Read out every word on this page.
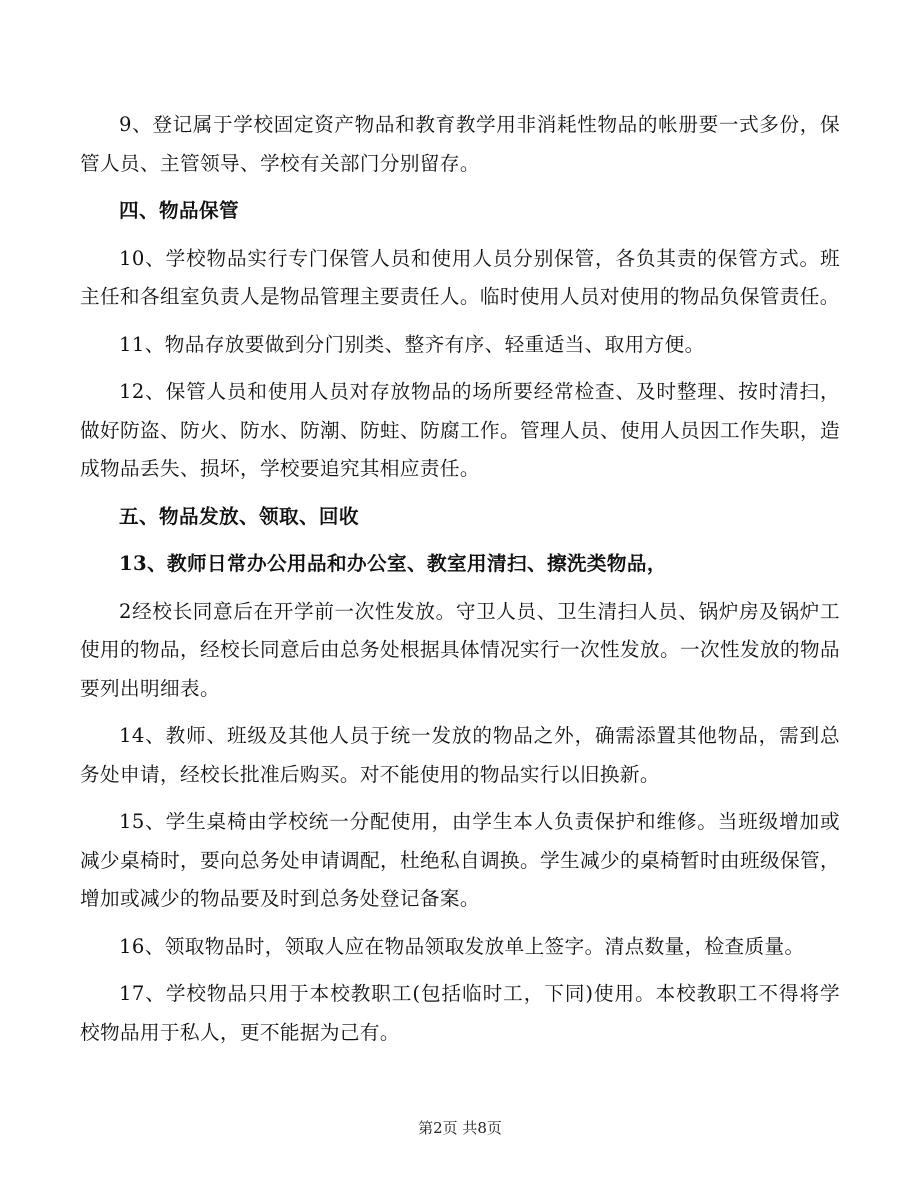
9、登记属于学校固定资产物品和教育教学用非消耗性物品的帐册要一式多份，保管人员、主管领导、学校有关部门分别留存。

四、物品保管

10、学校物品实行专门保管人员和使用人员分别保管，各负其责的保管方式。班主任和各组室负责人是物品管理主要责任人。临时使用人员对使用的物品负保管责任。

11、物品存放要做到分门别类、整齐有序、轻重适当、取用方便。

12、保管人员和使用人员对存放物品的场所要经常检查、及时整理、按时清扫，做好防盗、防火、防水、防潮、防蛀、防腐工作。管理人员、使用人员因工作失职，造成物品丢失、损坏，学校要追究其相应责任。

五、物品发放、领取、回收

13、教师日常办公用品和办公室、教室用清扫、擦洗类物品，

2经校长同意后在开学前一次性发放。守卫人员、卫生清扫人员、锅炉房及锅炉工使用的物品，经校长同意后由总务处根据具体情况实行一次性发放。一次性发放的物品要列出明细表。

14、教师、班级及其他人员于统一发放的物品之外，确需添置其他物品，需到总务处申请，经校长批准后购买。对不能使用的物品实行以旧换新。

15、学生桌椅由学校统一分配使用，由学生本人负责保护和维修。当班级增加或减少桌椅时，要向总务处申请调配，杜绝私自调换。学生减少的桌椅暂时由班级保管，增加或减少的物品要及时到总务处登记备案。

16、领取物品时，领取人应在物品领取发放单上签字。清点数量，检查质量。

17、学校物品只用于本校教职工(包括临时工，下同)使用。本校教职工不得将学校物品用于私人，更不能据为己有。

第2页 共8页
